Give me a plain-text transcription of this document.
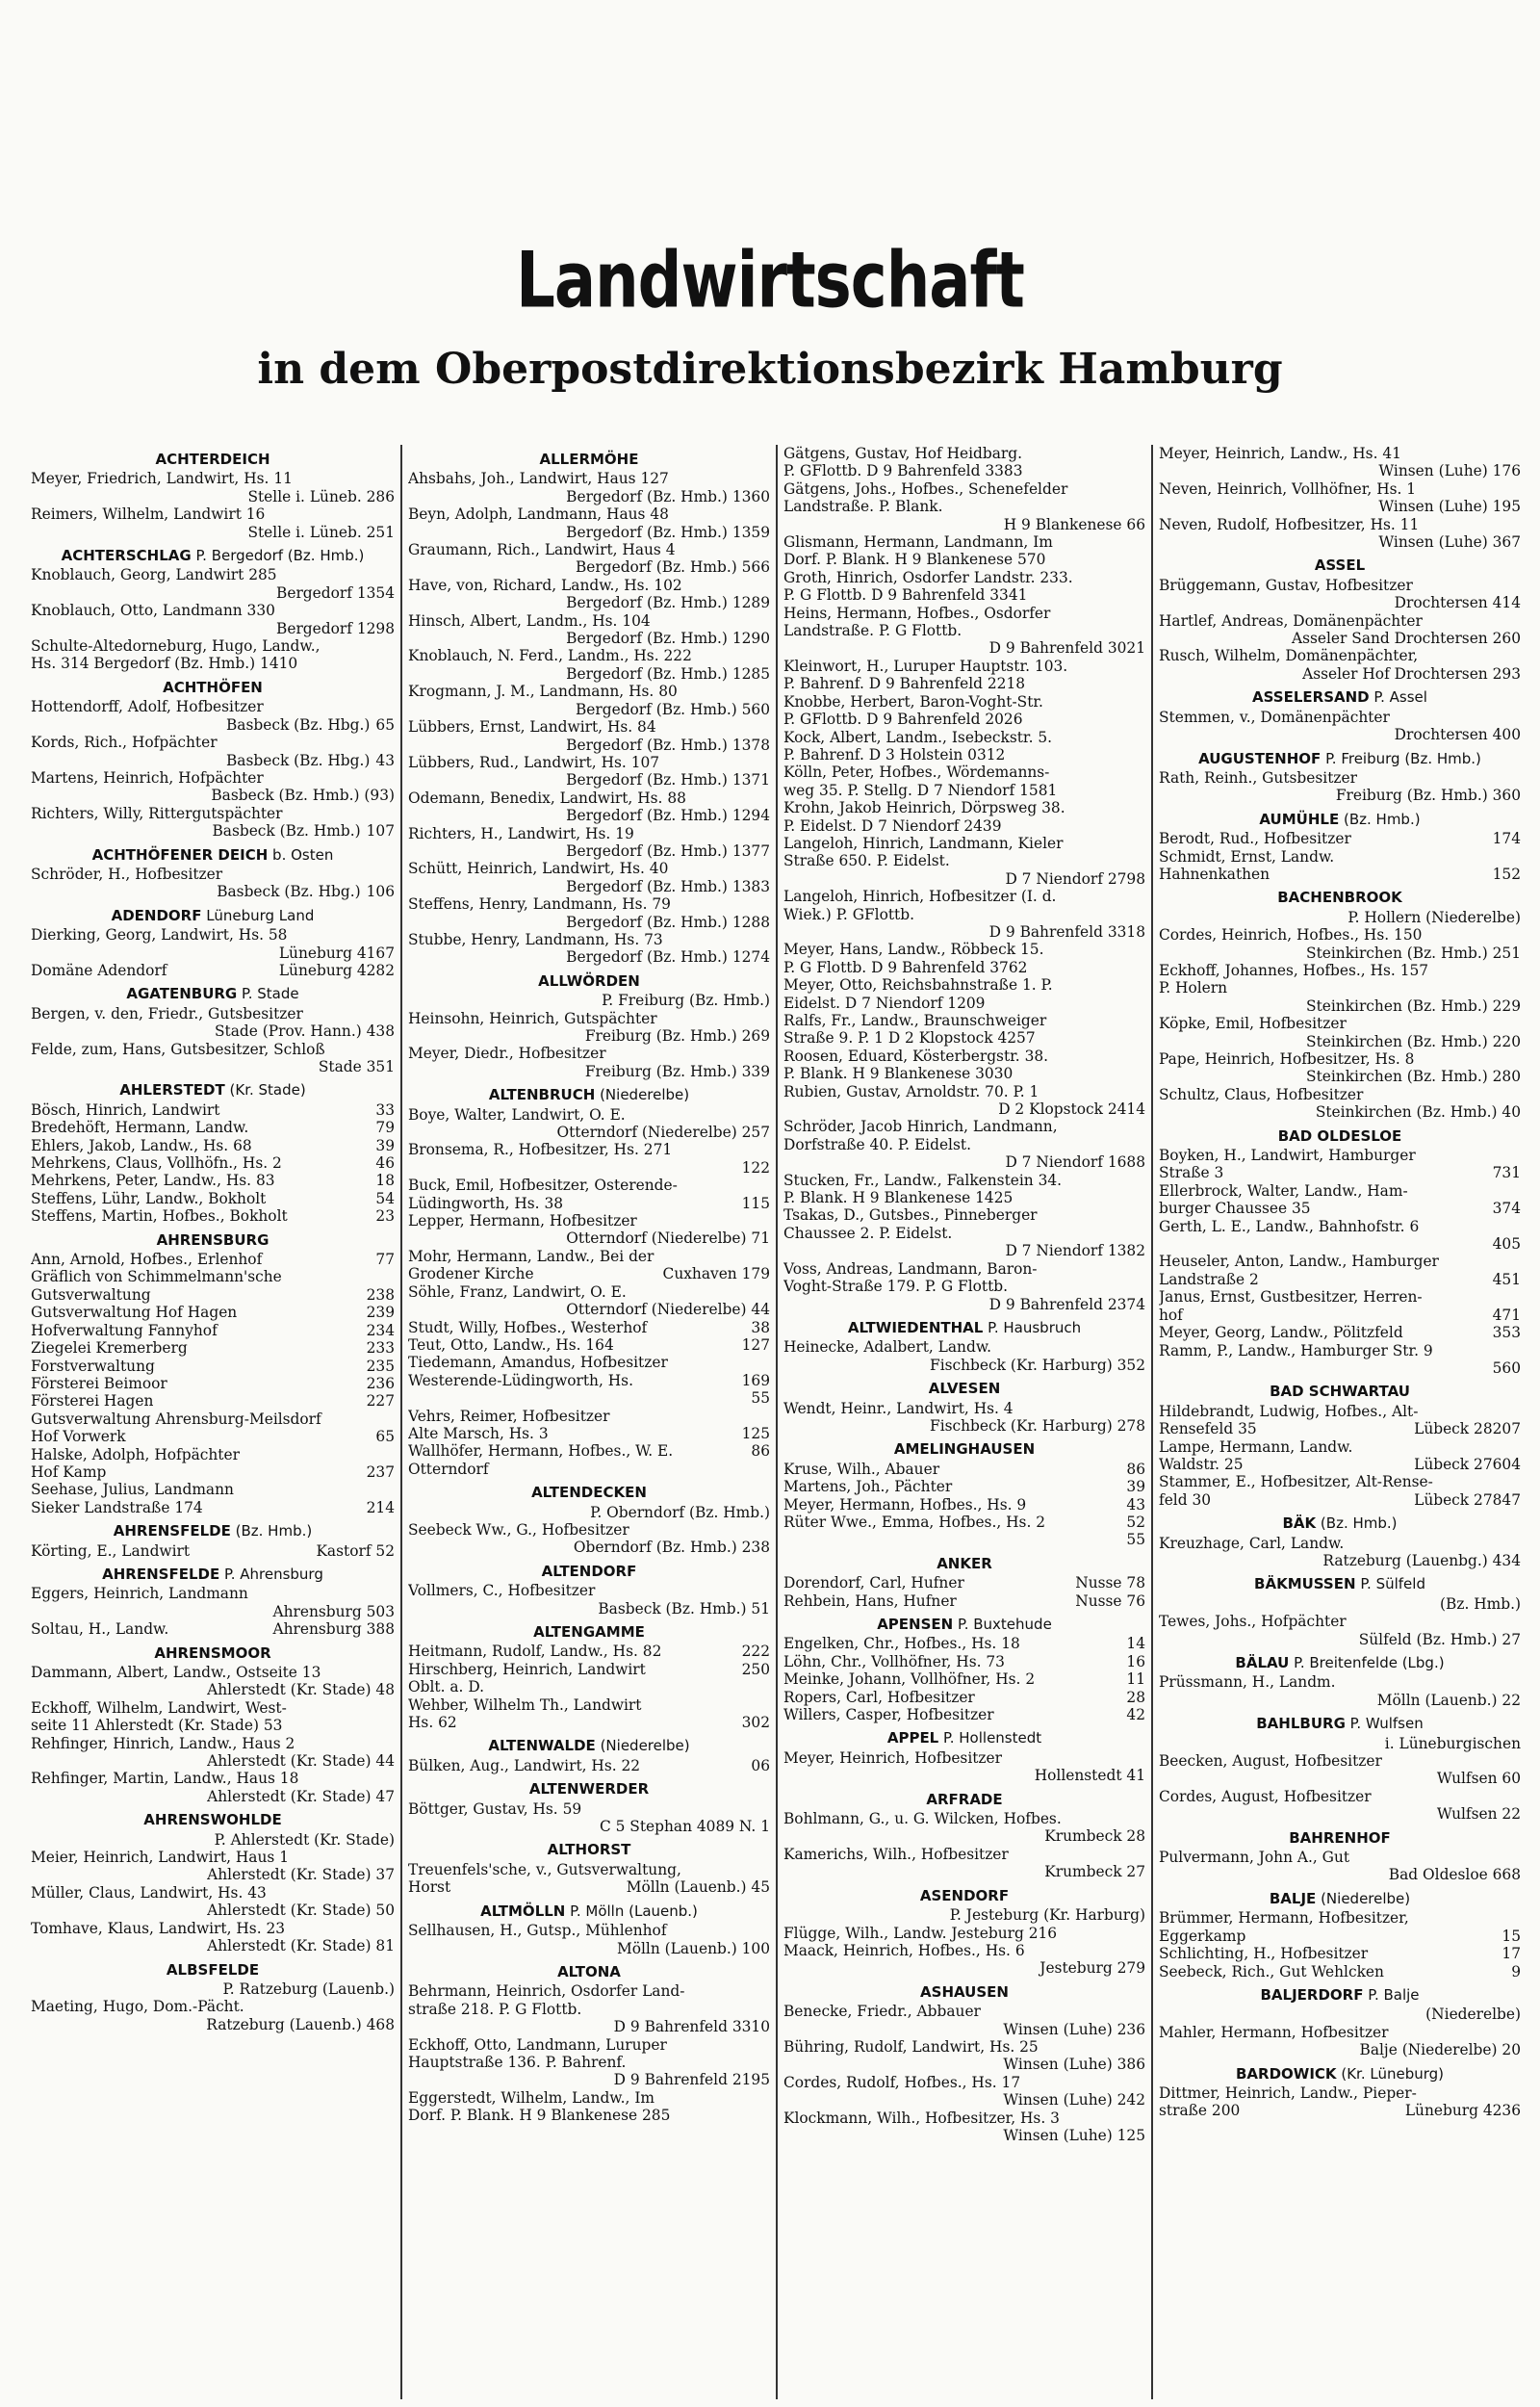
Landwirtschaft
in dem Oberpostdirektionsbezirk Hamburg
ACHTERDEICH
Meyer, Friedrich, Landwirt, Hs. 11
Stelle i. Lüneb. 286
Reimers, Wilhelm, Landwirt 16
Stelle i. Lüneb. 251
ACHTERSCHLAG P. Bergedorf (Bz. Hmb.)
Knoblauch, Georg, Landwirt 285
Bergedorf 1354
Knoblauch, Otto, Landmann 330
Bergedorf 1298
Schulte-Altedorneburg, Hugo, Landw.,
Hs. 314 Bergedorf (Bz. Hmb.) 1410
ACHTHÖFEN
Hottendorff, Adolf, Hofbesitzer
Basbeck (Bz. Hbg.) 65
Kords, Rich., Hofpächter
Basbeck (Bz. Hbg.) 43
Martens, Heinrich, Hofpächter
Basbeck (Bz. Hmb.) (93)
Richters, Willy, Rittergutspächter
Basbeck (Bz. Hmb.) 107
ACHTHÖFENER DEICH b. Osten
Schröder, H., Hofbesitzer
Basbeck (Bz. Hbg.) 106
ADENDORF Lüneburg Land
Dierking, Georg, Landwirt, Hs. 58
Lüneburg 4167
Domäne Adendorf	Lüneburg 4282
AGATENBURG P. Stade
Bergen, v. den, Friedr., Gutsbesitzer
Stade (Prov. Hann.) 438
Felde, zum, Hans, Gutsbesitzer, Schloß
Stade 351
AHLERSTEDT (Kr. Stade)
Bösch, Hinrich, Landwirt	33
Bredehöft, Hermann, Landw.	79
Ehlers, Jakob, Landw., Hs. 68	39
Mehrkens, Claus, Vollhöfn., Hs. 2	46
Mehrkens, Peter, Landw., Hs. 83	18
Steffens, Lühr, Landw., Bokholt	54
Steffens, Martin, Hofbes., Bokholt	23
AHRENSBURG
Ann, Arnold, Hofbes., Erlenhof	77
Gräflich von Schimmelmann'sche
Gutsverwaltung	238
Gutsverwaltung Hof Hagen	239
Hofverwaltung Fannyhof	234
Ziegelei Kremerberg	233
Forstverwaltung	235
Försterei Beimoor	236
Försterei Hagen	227
Gutsverwaltung Ahrensburg-Meilsdorf
Hof Vorwerk	65
Halske, Adolph, Hofpächter
Hof Kamp	237
Seehase, Julius, Landmann
Sieker Landstraße 174	214
AHRENSFELDE (Bz. Hmb.)
Körting, E., Landwirt	Kastorf 52
AHRENSFELDE P. Ahrensburg
Eggers, Heinrich, Landmann
Ahrensburg 503
Soltau, H., Landw.	Ahrensburg 388
AHRENSMOOR
Dammann, Albert, Landw., Ostseite 13
Ahlerstedt (Kr. Stade) 48
Eckhoff, Wilhelm, Landwirt, West-
seite 11 Ahlerstedt (Kr. Stade) 53
Rehfinger, Hinrich, Landw., Haus 2
Ahlerstedt (Kr. Stade) 44
Rehfinger, Martin, Landw., Haus 18
Ahlerstedt (Kr. Stade) 47
AHRENSWOHLDE
P. Ahlerstedt (Kr. Stade)
Meier, Heinrich, Landwirt, Haus 1
Ahlerstedt (Kr. Stade) 37
Müller, Claus, Landwirt, Hs. 43
Ahlerstedt (Kr. Stade) 50
Tomhave, Klaus, Landwirt, Hs. 23
Ahlerstedt (Kr. Stade) 81
ALBSFELDE
P. Ratzeburg (Lauenb.)
Maeting, Hugo, Dom.-Pächt.
Ratzeburg (Lauenb.) 468
ALLERMÖHE
Ahsbahs, Joh., Landwirt, Haus 127
Bergedorf (Bz. Hmb.) 1360
Beyn, Adolph, Landmann, Haus 48
Bergedorf (Bz. Hmb.) 1359
Graumann, Rich., Landwirt, Haus 4
Bergedorf (Bz. Hmb.) 566
Have, von, Richard, Landw., Hs. 102
Bergedorf (Bz. Hmb.) 1289
Hinsch, Albert, Landm., Hs. 104
Bergedorf (Bz. Hmb.) 1290
Knoblauch, N. Ferd., Landm., Hs. 222
Bergedorf (Bz. Hmb.) 1285
Krogmann, J. M., Landmann, Hs. 80
Bergedorf (Bz. Hmb.) 560
Lübbers, Ernst, Landwirt, Hs. 84
Bergedorf (Bz. Hmb.) 1378
Lübbers, Rud., Landwirt, Hs. 107
Bergedorf (Bz. Hmb.) 1371
Odemann, Benedix, Landwirt, Hs. 88
Bergedorf (Bz. Hmb.) 1294
Richters, H., Landwirt, Hs. 19
Bergedorf (Bz. Hmb.) 1377
Schütt, Heinrich, Landwirt, Hs. 40
Bergedorf (Bz. Hmb.) 1383
Steffens, Henry, Landmann, Hs. 79
Bergedorf (Bz. Hmb.) 1288
Stubbe, Henry, Landmann, Hs. 73
Bergedorf (Bz. Hmb.) 1274
ALLWÖRDEN
P. Freiburg (Bz. Hmb.)
Heinsohn, Heinrich, Gutspächter
Freiburg (Bz. Hmb.) 269
Meyer, Diedr., Hofbesitzer
Freiburg (Bz. Hmb.) 339
ALTENBRUCH (Niederelbe)
Boye, Walter, Landwirt, O. E.
Otterndorf (Niederelbe) 257
Bronsema, R., Hofbesitzer, Hs. 271
122
Buck, Emil, Hofbesitzer, Osterende-
Lüdingworth, Hs. 38	115
Lepper, Hermann, Hofbesitzer
Otterndorf (Niederelbe) 71
Mohr, Hermann, Landw., Bei der
Grodener Kirche	Cuxhaven 179
Söhle, Franz, Landwirt, O. E.
Otterndorf (Niederelbe) 44
Studt, Willy, Hofbes., Westerhof	38
Teut, Otto, Landw., Hs. 164	127
Tiedemann, Amandus, Hofbesitzer
Westerende-Lüdingworth, Hs.	169
55
Vehrs, Reimer, Hofbesitzer
Alte Marsch, Hs. 3	125
Wallhöfer, Hermann, Hofbes., W. E.	86
Otterndorf
ALTENDECKEN
P. Oberndorf (Bz. Hmb.)
Seebeck Ww., G., Hofbesitzer
Oberndorf (Bz. Hmb.) 238
ALTENDORF
Vollmers, C., Hofbesitzer
Basbeck (Bz. Hmb.) 51
ALTENGAMME
Heitmann, Rudolf, Landw., Hs. 82	222
Hirschberg, Heinrich, Landwirt	250
Oblt. a. D.
Wehber, Wilhelm Th., Landwirt
Hs. 62	302
ALTENWALDE (Niederelbe)
Bülken, Aug., Landwirt, Hs. 22	06
ALTENWERDER
Böttger, Gustav, Hs. 59
C 5 Stephan 4089 N. 1
ALTHORST
Treuenfels'sche, v., Gutsverwaltung,
Horst	Mölln (Lauenb.) 45
ALTMÖLLN P. Mölln (Lauenb.)
Sellhausen, H., Gutsp., Mühlenhof
Mölln (Lauenb.) 100
ALTONA
Behrmann, Heinrich, Osdorfer Land-
straße 218. P. G Flottb.
D 9 Bahrenfeld 3310
Eckhoff, Otto, Landmann, Luruper
Hauptstraße 136. P. Bahrenf.
D 9 Bahrenfeld 2195
Eggerstedt, Wilhelm, Landw., Im
Dorf. P. Blank. H 9 Blankenese 285
Gätgens, Gustav, Hof Heidbarg.
P. GFlottb. D 9 Bahrenfeld 3383
Gätgens, Johs., Hofbes., Schenefelder
Landstraße. P. Blank.
H 9 Blankenese 66
Glismann, Hermann, Landmann, Im
Dorf. P. Blank. H 9 Blankenese 570
Groth, Hinrich, Osdorfer Landstr. 233.
P. G Flottb. D 9 Bahrenfeld 3341
Heins, Hermann, Hofbes., Osdorfer
Landstraße. P. G Flottb.
D 9 Bahrenfeld 3021
Kleinwort, H., Luruper Hauptstr. 103.
P. Bahrenf. D 9 Bahrenfeld 2218
Knobbe, Herbert, Baron-Voght-Str.
P. GFlottb. D 9 Bahrenfeld 2026
Kock, Albert, Landm., Isebeckstr. 5.
P. Bahrenf. D 3 Holstein 0312
Kölln, Peter, Hofbes., Wördemanns-
weg 35. P. Stellg. D 7 Niendorf 1581
Krohn, Jakob Heinrich, Dörpsweg 38.
P. Eidelst. D 7 Niendorf 2439
Langeloh, Hinrich, Landmann, Kieler
Straße 650. P. Eidelst.
D 7 Niendorf 2798
Langeloh, Hinrich, Hofbesitzer (I. d.
Wiek.) P. GFlottb.
D 9 Bahrenfeld 3318
Meyer, Hans, Landw., Röbbeck 15.
P. G Flottb. D 9 Bahrenfeld 3762
Meyer, Otto, Reichsbahnstraße 1. P.
Eidelst. D 7 Niendorf 1209
Ralfs, Fr., Landw., Braunschweiger
Straße 9. P. 1 D 2 Klopstock 4257
Roosen, Eduard, Kösterbergstr. 38.
P. Blank. H 9 Blankenese 3030
Rubien, Gustav, Arnoldstr. 70. P. 1
D 2 Klopstock 2414
Schröder, Jacob Hinrich, Landmann,
Dorfstraße 40. P. Eidelst.
D 7 Niendorf 1688
Stucken, Fr., Landw., Falkenstein 34.
P. Blank. H 9 Blankenese 1425
Tsakas, D., Gutsbes., Pinneberger
Chaussee 2. P. Eidelst.
D 7 Niendorf 1382
Voss, Andreas, Landmann, Baron-
Voght-Straße 179. P. G Flottb.
D 9 Bahrenfeld 2374
ALTWIEDENTHAL P. Hausbruch
Heinecke, Adalbert, Landw.
Fischbeck (Kr. Harburg) 352
ALVESEN
Wendt, Heinr., Landwirt, Hs. 4
Fischbeck (Kr. Harburg) 278
AMELINGHAUSEN
Kruse, Wilh., Abauer	86
Martens, Joh., Pächter	39
Meyer, Hermann, Hofbes., Hs. 9	43
Rüter Wwe., Emma, Hofbes., Hs. 2	52
55
ANKER
Dorendorf, Carl, Hufner	Nusse 78
Rehbein, Hans, Hufner	Nusse 76
APENSEN P. Buxtehude
Engelken, Chr., Hofbes., Hs. 18	14
Löhn, Chr., Vollhöfner, Hs. 73	16
Meinke, Johann, Vollhöfner, Hs. 2	11
Ropers, Carl, Hofbesitzer	28
Willers, Casper, Hofbesitzer	42
APPEL P. Hollenstedt
Meyer, Heinrich, Hofbesitzer
Hollenstedt 41
ARFRADE
Bohlmann, G., u. G. Wilcken, Hofbes.
Krumbeck 28
Kamerichs, Wilh., Hofbesitzer
Krumbeck 27
ASENDORF
P. Jesteburg (Kr. Harburg)
Flügge, Wilh., Landw. Jesteburg 216
Maack, Heinrich, Hofbes., Hs. 6
Jesteburg 279
ASHAUSEN
Benecke, Friedr., Abbauer
Winsen (Luhe) 236
Bühring, Rudolf, Landwirt, Hs. 25
Winsen (Luhe) 386
Cordes, Rudolf, Hofbes., Hs. 17
Winsen (Luhe) 242
Klockmann, Wilh., Hofbesitzer, Hs. 3
Winsen (Luhe) 125
Meyer, Heinrich, Landw., Hs. 41
Winsen (Luhe) 176
Neven, Heinrich, Vollhöfner, Hs. 1
Winsen (Luhe) 195
Neven, Rudolf, Hofbesitzer, Hs. 11
Winsen (Luhe) 367
ASSEL
Brüggemann, Gustav, Hofbesitzer
Drochtersen 414
Hartlef, Andreas, Domänenpächter
Asseler Sand Drochtersen 260
Rusch, Wilhelm, Domänenpächter,
Asseler Hof Drochtersen 293
ASSELERSAND P. Assel
Stemmen, v., Domänenpächter
Drochtersen 400
AUGUSTENHOF P. Freiburg (Bz. Hmb.)
Rath, Reinh., Gutsbesitzer
Freiburg (Bz. Hmb.) 360
AUMÜHLE (Bz. Hmb.)
Berodt, Rud., Hofbesitzer	174
Schmidt, Ernst, Landw.
Hahnenkathen	152
BACHENBROOK
P. Hollern (Niederelbe)
Cordes, Heinrich, Hofbes., Hs. 150
Steinkirchen (Bz. Hmb.) 251
Eckhoff, Johannes, Hofbes., Hs. 157
P. Holern
Steinkirchen (Bz. Hmb.) 229
Köpke, Emil, Hofbesitzer
Steinkirchen (Bz. Hmb.) 220
Pape, Heinrich, Hofbesitzer, Hs. 8
Steinkirchen (Bz. Hmb.) 280
Schultz, Claus, Hofbesitzer
Steinkirchen (Bz. Hmb.) 40
BAD OLDESLOE
Boyken, H., Landwirt, Hamburger
Straße 3	731
Ellerbrock, Walter, Landw., Ham-
burger Chaussee 35	374
Gerth, L. E., Landw., Bahnhofstr. 6
405
Heuseler, Anton, Landw., Hamburger
Landstraße 2	451
Janus, Ernst, Gustbesitzer, Herren-
hof	471
Meyer, Georg, Landw., Pölitzfeld	353
Ramm, P., Landw., Hamburger Str. 9
560
BAD SCHWARTAU
Hildebrandt, Ludwig, Hofbes., Alt-
Rensefeld 35	Lübeck 28207
Lampe, Hermann, Landw.
Waldstr. 25	Lübeck 27604
Stammer, E., Hofbesitzer, Alt-Rense-
feld 30	Lübeck 27847
BÄK (Bz. Hmb.)
Kreuzhage, Carl, Landw.
Ratzeburg (Lauenbg.) 434
BÄKMUSSEN P. Sülfeld
(Bz. Hmb.)
Tewes, Johs., Hofpächter
Sülfeld (Bz. Hmb.) 27
BÄLAU P. Breitenfelde (Lbg.)
Prüssmann, H., Landm.
Mölln (Lauenb.) 22
BAHLBURG P. Wulfsen
i. Lüneburgischen
Beecken, August, Hofbesitzer
Wulfsen 60
Cordes, August, Hofbesitzer
Wulfsen 22
BAHRENHOF
Pulvermann, John A., Gut
Bad Oldesloe 668
BALJE (Niederelbe)
Brümmer, Hermann, Hofbesitzer,
Eggerkamp	15
Schlichting, H., Hofbesitzer	17
Seebeck, Rich., Gut Wehlcken	9
BALJERDORF P. Balje
(Niederelbe)
Mahler, Hermann, Hofbesitzer
Balje (Niederelbe) 20
BARDOWICK (Kr. Lüneburg)
Dittmer, Heinrich, Landw., Pieper-
straße 200	Lüneburg 4236
